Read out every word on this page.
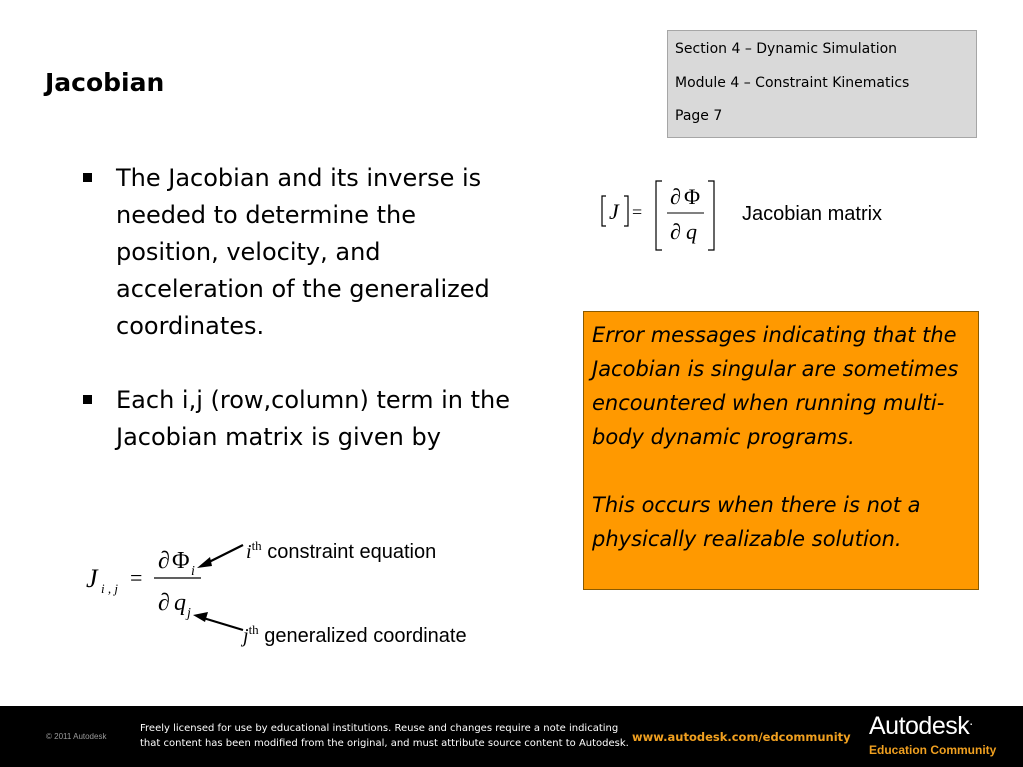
Jacobian
Section 4 – Dynamic Simulation
Module 4 – Constraint Kinematics
Page 7
The Jacobian and its inverse is needed to determine the position, velocity, and acceleration of the generalized coordinates.
Each i,j (row,column) term in the Jacobian matrix is given by
J =
∂ Φ
∂ q
Jacobian matrix

Error messages indicating that the Jacobian is singular are sometimes encountered when running multi-body dynamic programs.

This occurs when there is not a physically realizable solution.

J i , j =
∂ Φ i
∂ q j
$i^{th}$ constraint equation
$j^{th}$ generalized coordinate
© 2011 Autodesk
Freely licensed for use by educational institutions. Reuse and changes require a note indicating
that content has been modified from the original, and must attribute source content to Autodesk. www.autodesk.com/edcommunity Autodesk.
Education Community
